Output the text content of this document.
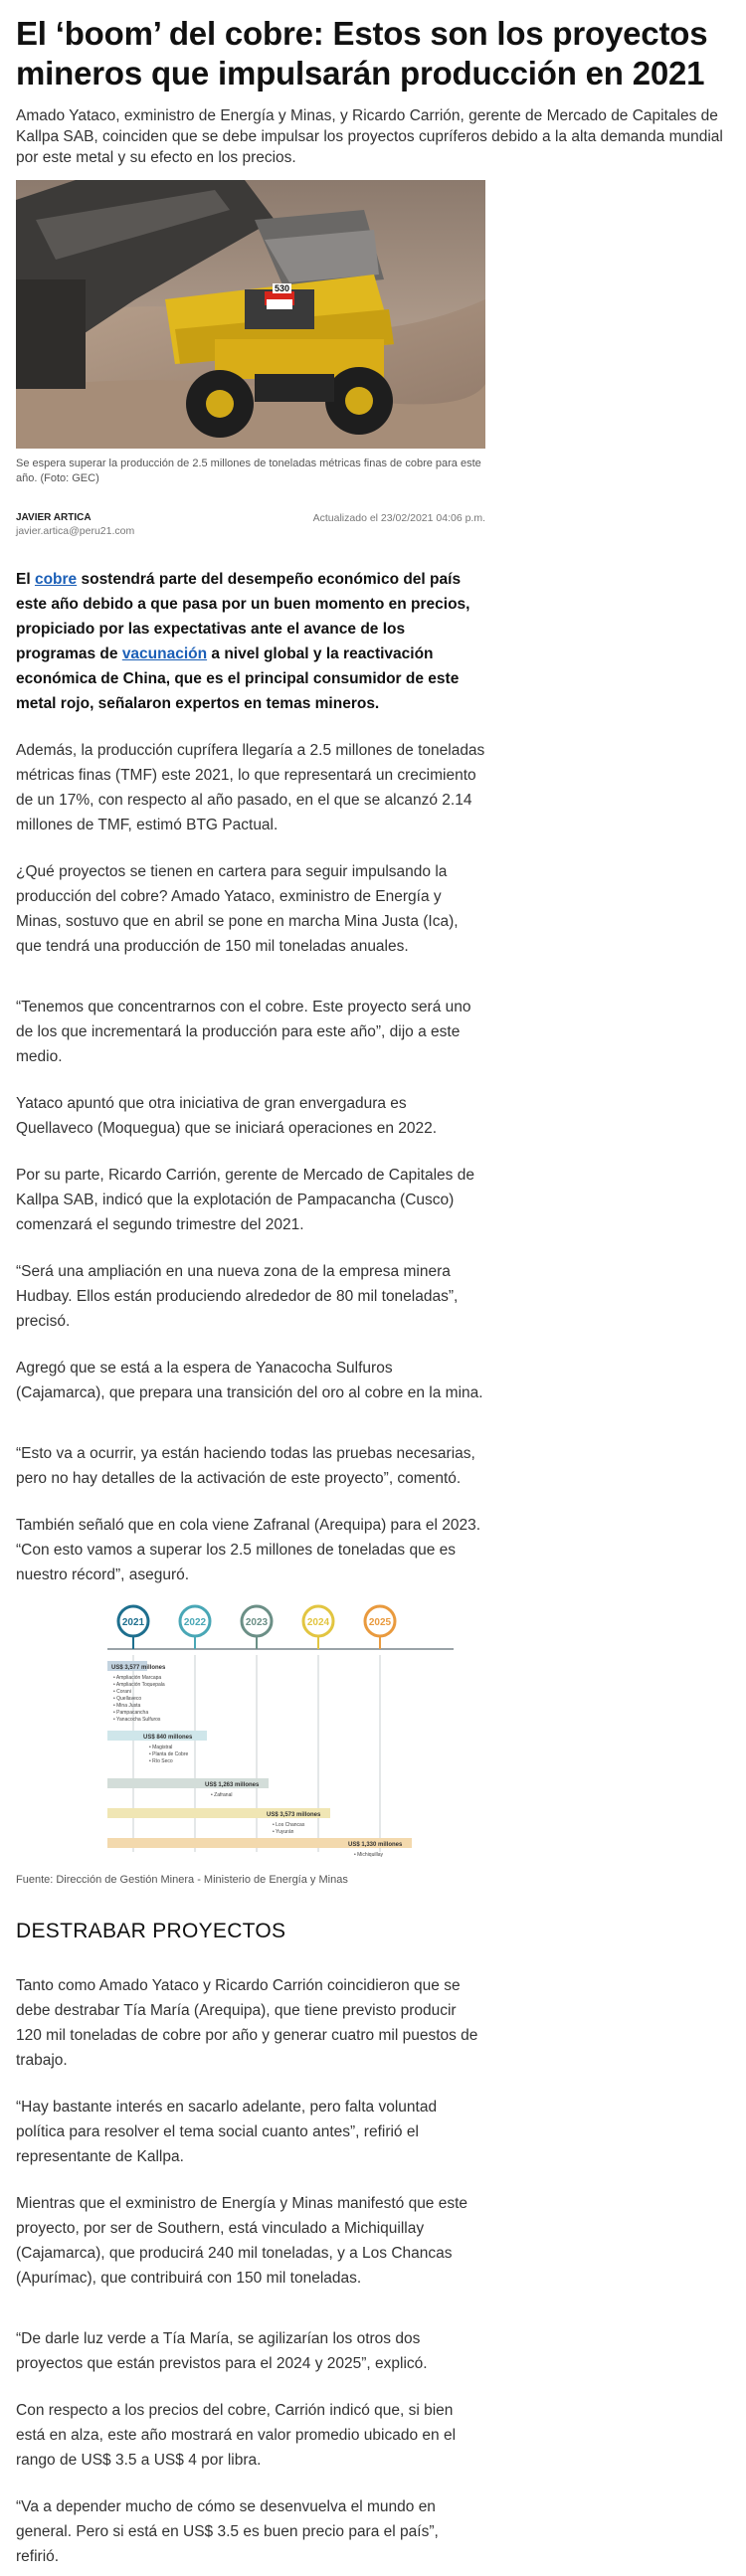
El ‘boom’ del cobre: Estos son los proyectos mineros que impulsarán producción en 2021

Amado Yataco, exministro de Energía y Minas, y Ricardo Carrión, gerente de Mercado de Capitales de Kallpa SAB, coinciden que se debe impulsar los proyectos cupríferos debido a la alta demanda mundial por este metal y su efecto en los precios.

530

Se espera superar la producción de 2.5 millones de toneladas métricas finas de cobre para este año. (Foto: GEC)

JAVIER ARTICA
javier.artica@peru21.com
Actualizado el 23/02/2021 04:06 p.m.

El cobre sostendrá parte del desempeño económico del país este año debido a que pasa por un buen momento en precios, propiciado por las expectativas ante el avance de los programas de vacunación a nivel global y la reactivación económica de China, que es el principal consumidor de este metal rojo, señalaron expertos en temas mineros.

Además, la producción cuprífera llegaría a 2.5 millones de toneladas métricas finas (TMF) este 2021, lo que representará un crecimiento de un 17%, con respecto al año pasado, en el que se alcanzó 2.14 millones de TMF, estimó BTG Pactual.

¿Qué proyectos se tienen en cartera para seguir impulsando la producción del cobre? Amado Yataco, exministro de Energía y Minas, sostuvo que en abril se pone en marcha Mina Justa (Ica), que tendrá una producción de 150 mil toneladas anuales.

“Tenemos que concentrarnos con el cobre. Este proyecto será uno de los que incrementará la producción para este año”, dijo a este medio.

Yataco apuntó que otra iniciativa de gran envergadura es Quellaveco (Moquegua) que se iniciará operaciones en 2022.

Por su parte, Ricardo Carrión, gerente de Mercado de Capitales de Kallpa SAB, indicó que la explotación de Pampacancha (Cusco) comenzará el segundo trimestre del 2021.

“Será una ampliación en una nueva zona de la empresa minera Hudbay. Ellos están produciendo alrededor de 80 mil toneladas”, precisó.

Agregó que se está a la espera de Yanacocha Sulfuros (Cajamarca), que prepara una transición del oro al cobre en la mina.

“Esto va a ocurrir, ya están haciendo todas las pruebas necesarias, pero no hay detalles de la activación de este proyecto”, comentó.

También señaló que en cola viene Zafranal (Arequipa) para el 2023. “Con esto vamos a superar los 2.5 millones de toneladas que es nuestro récord”, aseguró.

2021	2022	2023	2024	2025
US$ 3,577 millones
• Ampliación Marcapa
• Ampliación Toquepala
• Corani
• Quellaveco
• Mina Justa
• Pampacancha
• Yanacocha Sulfuros
US$ 840 millones
• Magistral
• Planta de Cobre
• Río Seco
US$ 1,263 millones
• Zafranal
US$ 3,573 millones
• Los Chancas
• Yuyurán
US$ 1,330 millones
• Michiquillay

Fuente: Dirección de Gestión Minera - Ministerio de Energía y Minas

DESTRABAR PROYECTOS

Tanto como Amado Yataco y Ricardo Carrión coincidieron que se debe destrabar Tía María (Arequipa), que tiene previsto producir 120 mil toneladas de cobre por año y generar cuatro mil puestos de trabajo.

“Hay bastante interés en sacarlo adelante, pero falta voluntad política para resolver el tema social cuanto antes”, refirió el representante de Kallpa.

Mientras que el exministro de Energía y Minas manifestó que este proyecto, por ser de Southern, está vinculado a Michiquillay (Cajamarca), que producirá 240 mil toneladas, y a Los Chancas (Apurímac), que contribuirá con 150 mil toneladas.

“De darle luz verde a Tía María, se agilizarían los otros dos proyectos que están previstos para el 2024 y 2025”, explicó.

Con respecto a los precios del cobre, Carrión indicó que, si bien está en alza, este año mostrará en valor promedio ubicado en el rango de US$ 3.5 a US$ 4 por libra.

“Va a depender mucho de cómo se desenvuelva el mundo en general. Pero si está en US$ 3.5 es buen precio para el país”, refirió.
